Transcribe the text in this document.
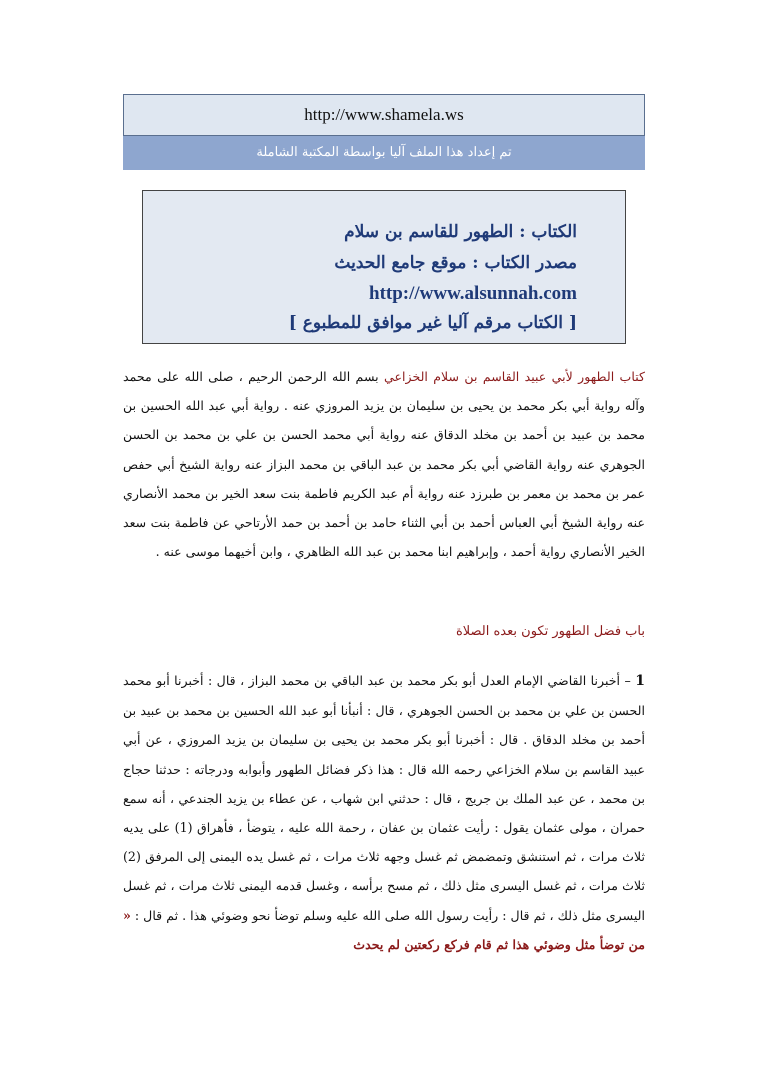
http://www.shamela.ws
تم إعداد هذا الملف آليا بواسطة المكتبة الشاملة
الكتاب : الطهور للقاسم بن سلام
مصدر الكتاب : موقع جامع الحديث
http://www.alsunnah.com
[ الكتاب مرقم آليا غير موافق للمطبوع ]
كتاب الطهور لأبي عبيد القاسم بن سلام الخزاعي بسم الله الرحمن الرحيم ، صلى الله على محمد وآله رواية أبي بكر محمد بن يحيى بن سليمان بن يزيد المروزي عنه . رواية أبي عبد الله الحسين بن محمد بن عبيد بن أحمد بن مخلد الدقاق عنه رواية أبي محمد الحسن بن علي بن محمد بن الحسن الجوهري عنه رواية القاضي أبي بكر محمد بن عبد الباقي بن محمد البزاز عنه رواية الشيخ أبي حفص عمر بن محمد بن معمر بن طبرزد عنه رواية أم عبد الكريم فاطمة بنت سعد الخير بن محمد الأنصاري عنه رواية الشيخ أبي العباس أحمد بن أبي الثناء حامد بن أحمد بن حمد الأرتاحي عن فاطمة بنت سعد الخير الأنصاري رواية أحمد ، وإبراهيم ابنا محمد بن عبد الله الظاهري ، وابن أخيهما موسى عنه .
باب فضل الطهور تكون بعده الصلاة
1 – أخبرنا القاضي الإمام العدل أبو بكر محمد بن عبد الباقي بن محمد البزاز ، قال : أخبرنا أبو محمد الحسن بن علي بن محمد بن الحسن الجوهري ، قال : أنبأنا أبو عبد الله الحسين بن محمد بن عبيد بن أحمد بن مخلد الدقاق . قال : أخبرنا أبو بكر محمد بن يحيى بن سليمان بن يزيد المروزي ، عن أبي عبيد القاسم بن سلام الخزاعي رحمه الله قال : هذا ذكر فضائل الطهور وأبوابه ودرجاته : حدثنا حجاج بن محمد ، عن عبد الملك بن جريج ، قال : حدثني ابن شهاب ، عن عطاء بن يزيد الجندعي ، أنه سمع حمران ، مولى عثمان يقول : رأيت عثمان بن عفان ، رحمة الله عليه ، يتوضأ ، فأهراق (1) على يديه ثلاث مرات ، ثم استنشق وتمضمض ثم غسل وجهه ثلاث مرات ، ثم غسل يده اليمنى إلى المرفق (2) ثلاث مرات ، ثم غسل اليسرى مثل ذلك ، ثم مسح برأسه ، وغسل قدمه اليمنى ثلاث مرات ، ثم غسل اليسرى مثل ذلك ، ثم قال : رأيت رسول الله صلى الله عليه وسلم توضأ نحو وضوئي هذا . ثم قال : « من توضأ مثل وضوئي هذا ثم قام فركع ركعتين لم يحدث
